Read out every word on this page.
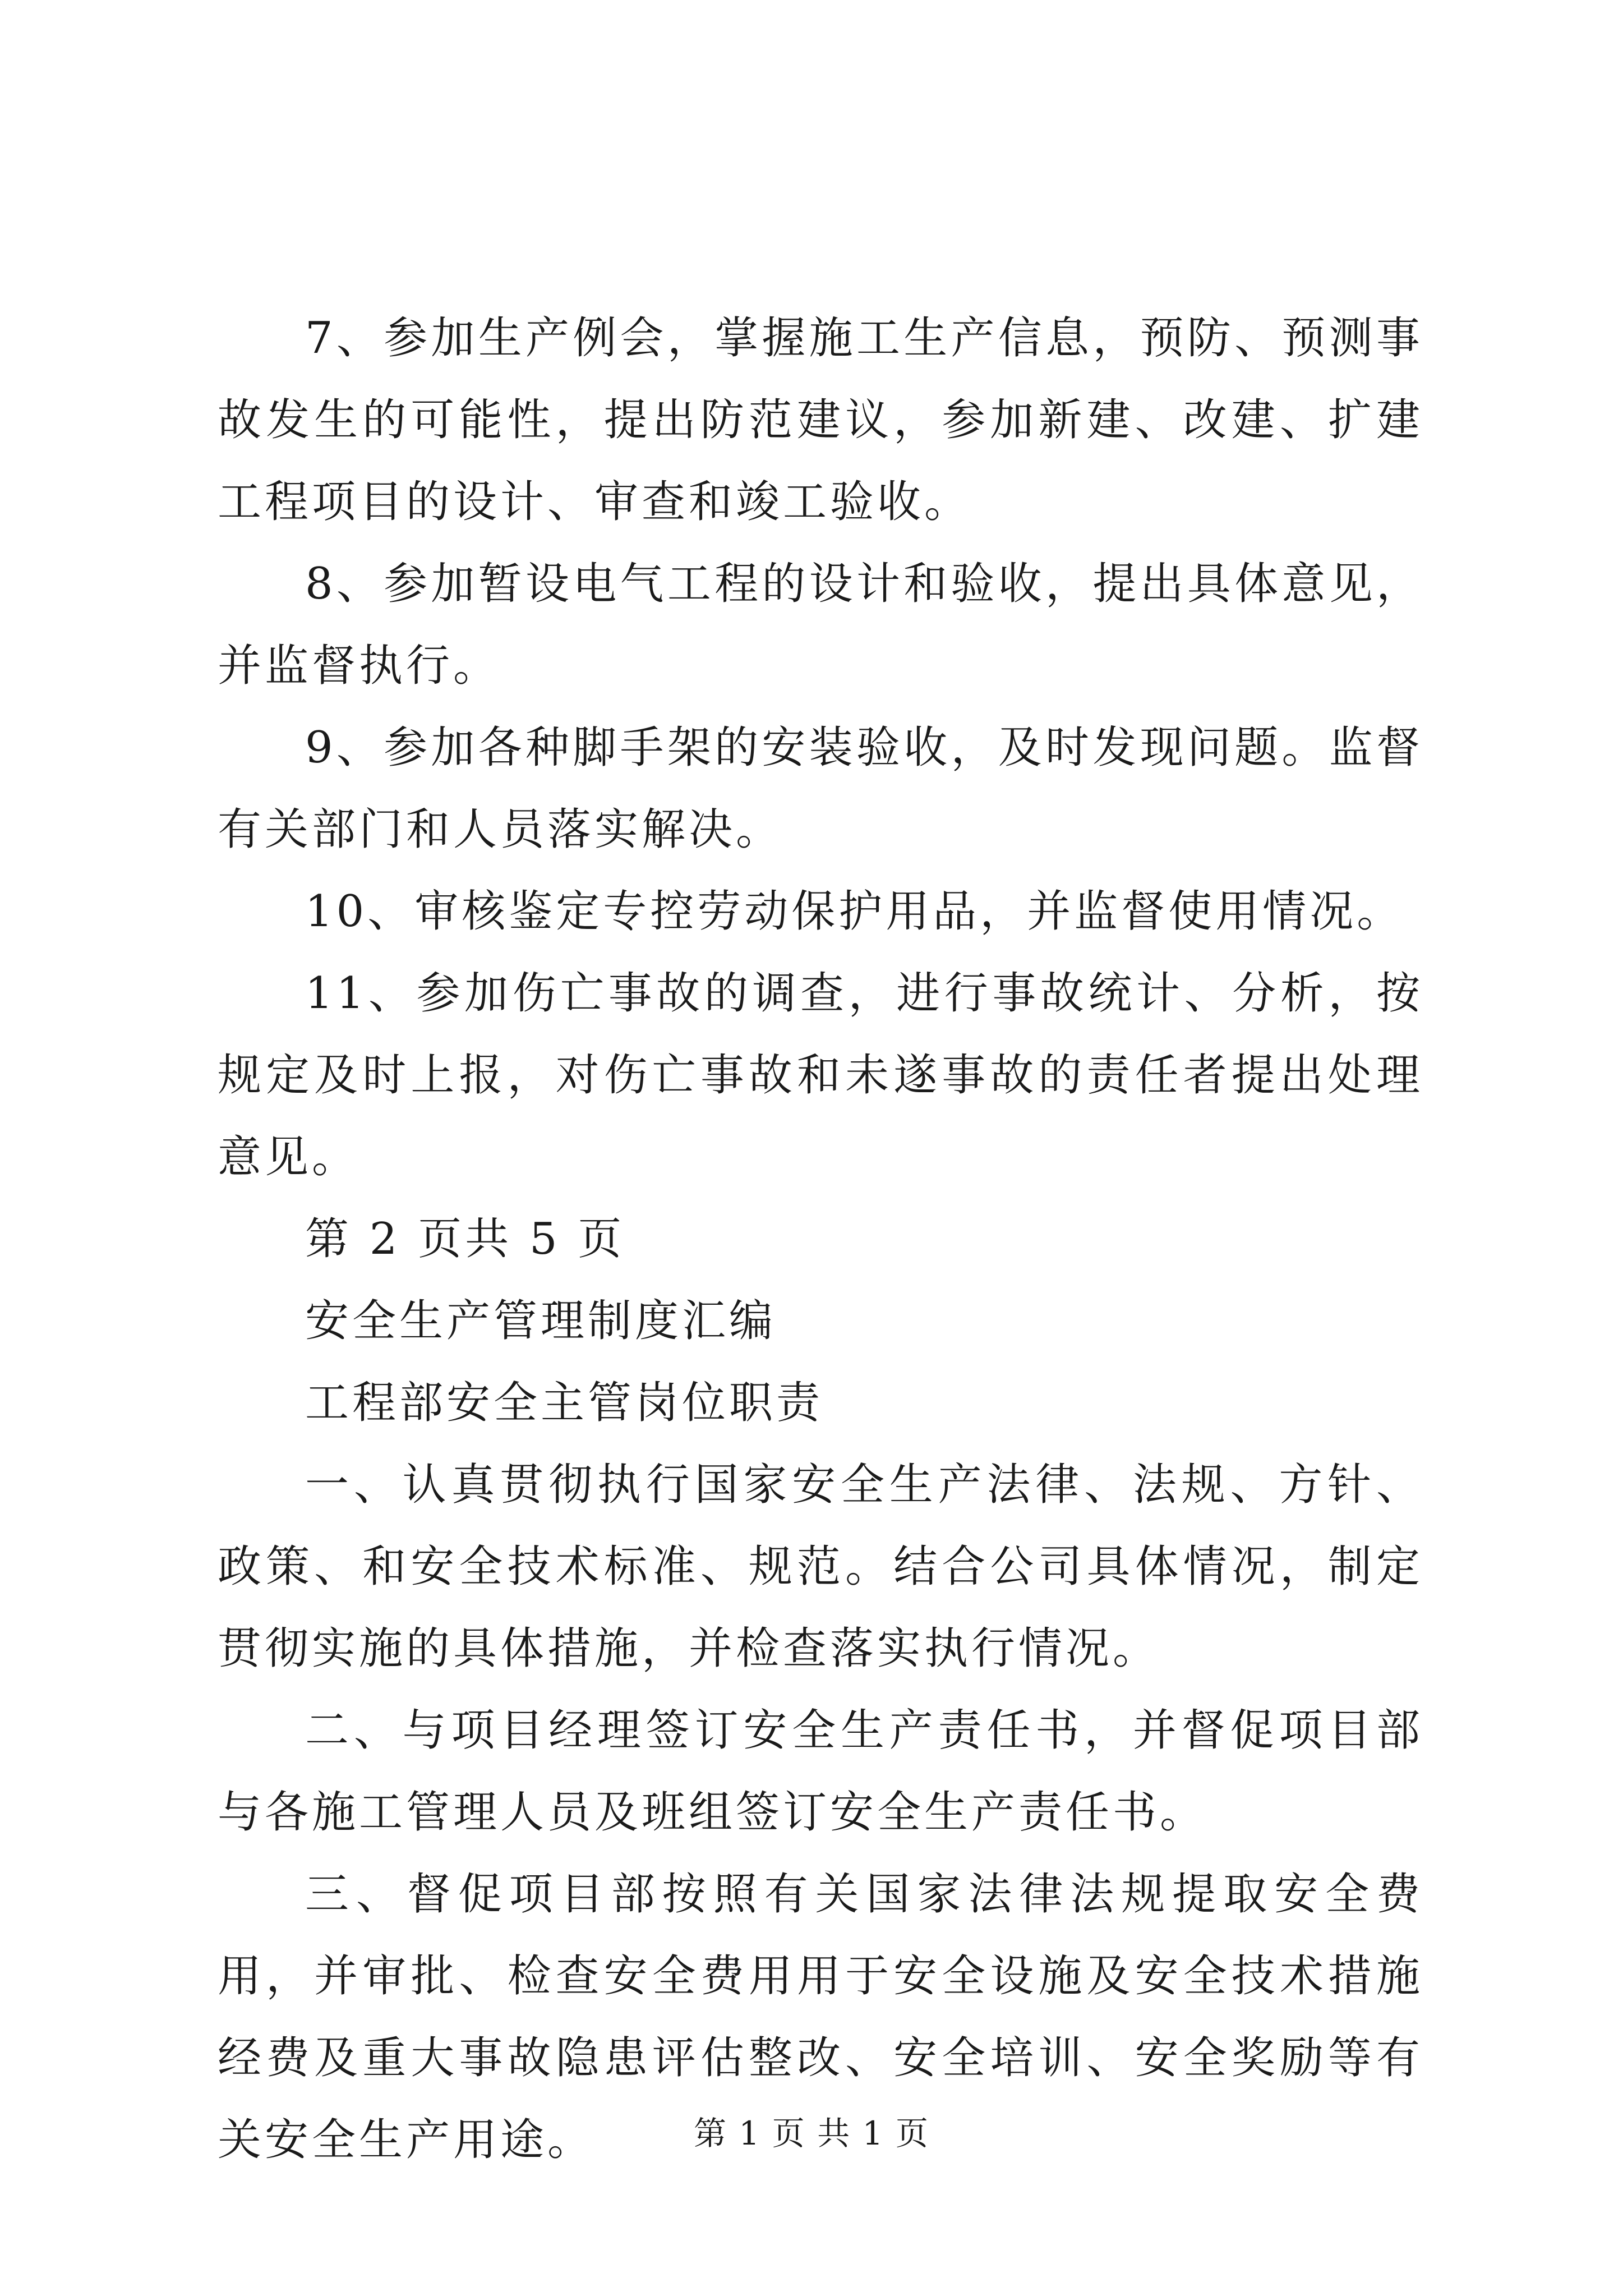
7、参加生产例会，掌握施工生产信息，预防、预测事故发生的可能性，提出防范建议，参加新建、改建、扩建工程项目的设计、审查和竣工验收。

8、参加暂设电气工程的设计和验收，提出具体意见，并监督执行。

9、参加各种脚手架的安装验收，及时发现问题。监督有关部门和人员落实解决。

10、审核鉴定专控劳动保护用品，并监督使用情况。

11、参加伤亡事故的调查，进行事故统计、分析，按规定及时上报，对伤亡事故和未遂事故的责任者提出处理意见。

第 2 页共 5 页

安全生产管理制度汇编

工程部安全主管岗位职责

一、认真贯彻执行国家安全生产法律、法规、方针、政策、和安全技术标准、规范。结合公司具体情况，制定贯彻实施的具体措施，并检查落实执行情况。

二、与项目经理签订安全生产责任书，并督促项目部与各施工管理人员及班组签订安全生产责任书。

三、督促项目部按照有关国家法律法规提取安全费用，并审批、检查安全费用用于安全设施及安全技术措施经费及重大事故隐患评估整改、安全培训、安全奖励等有关安全生产用途。	第 1 页 共 1 页
